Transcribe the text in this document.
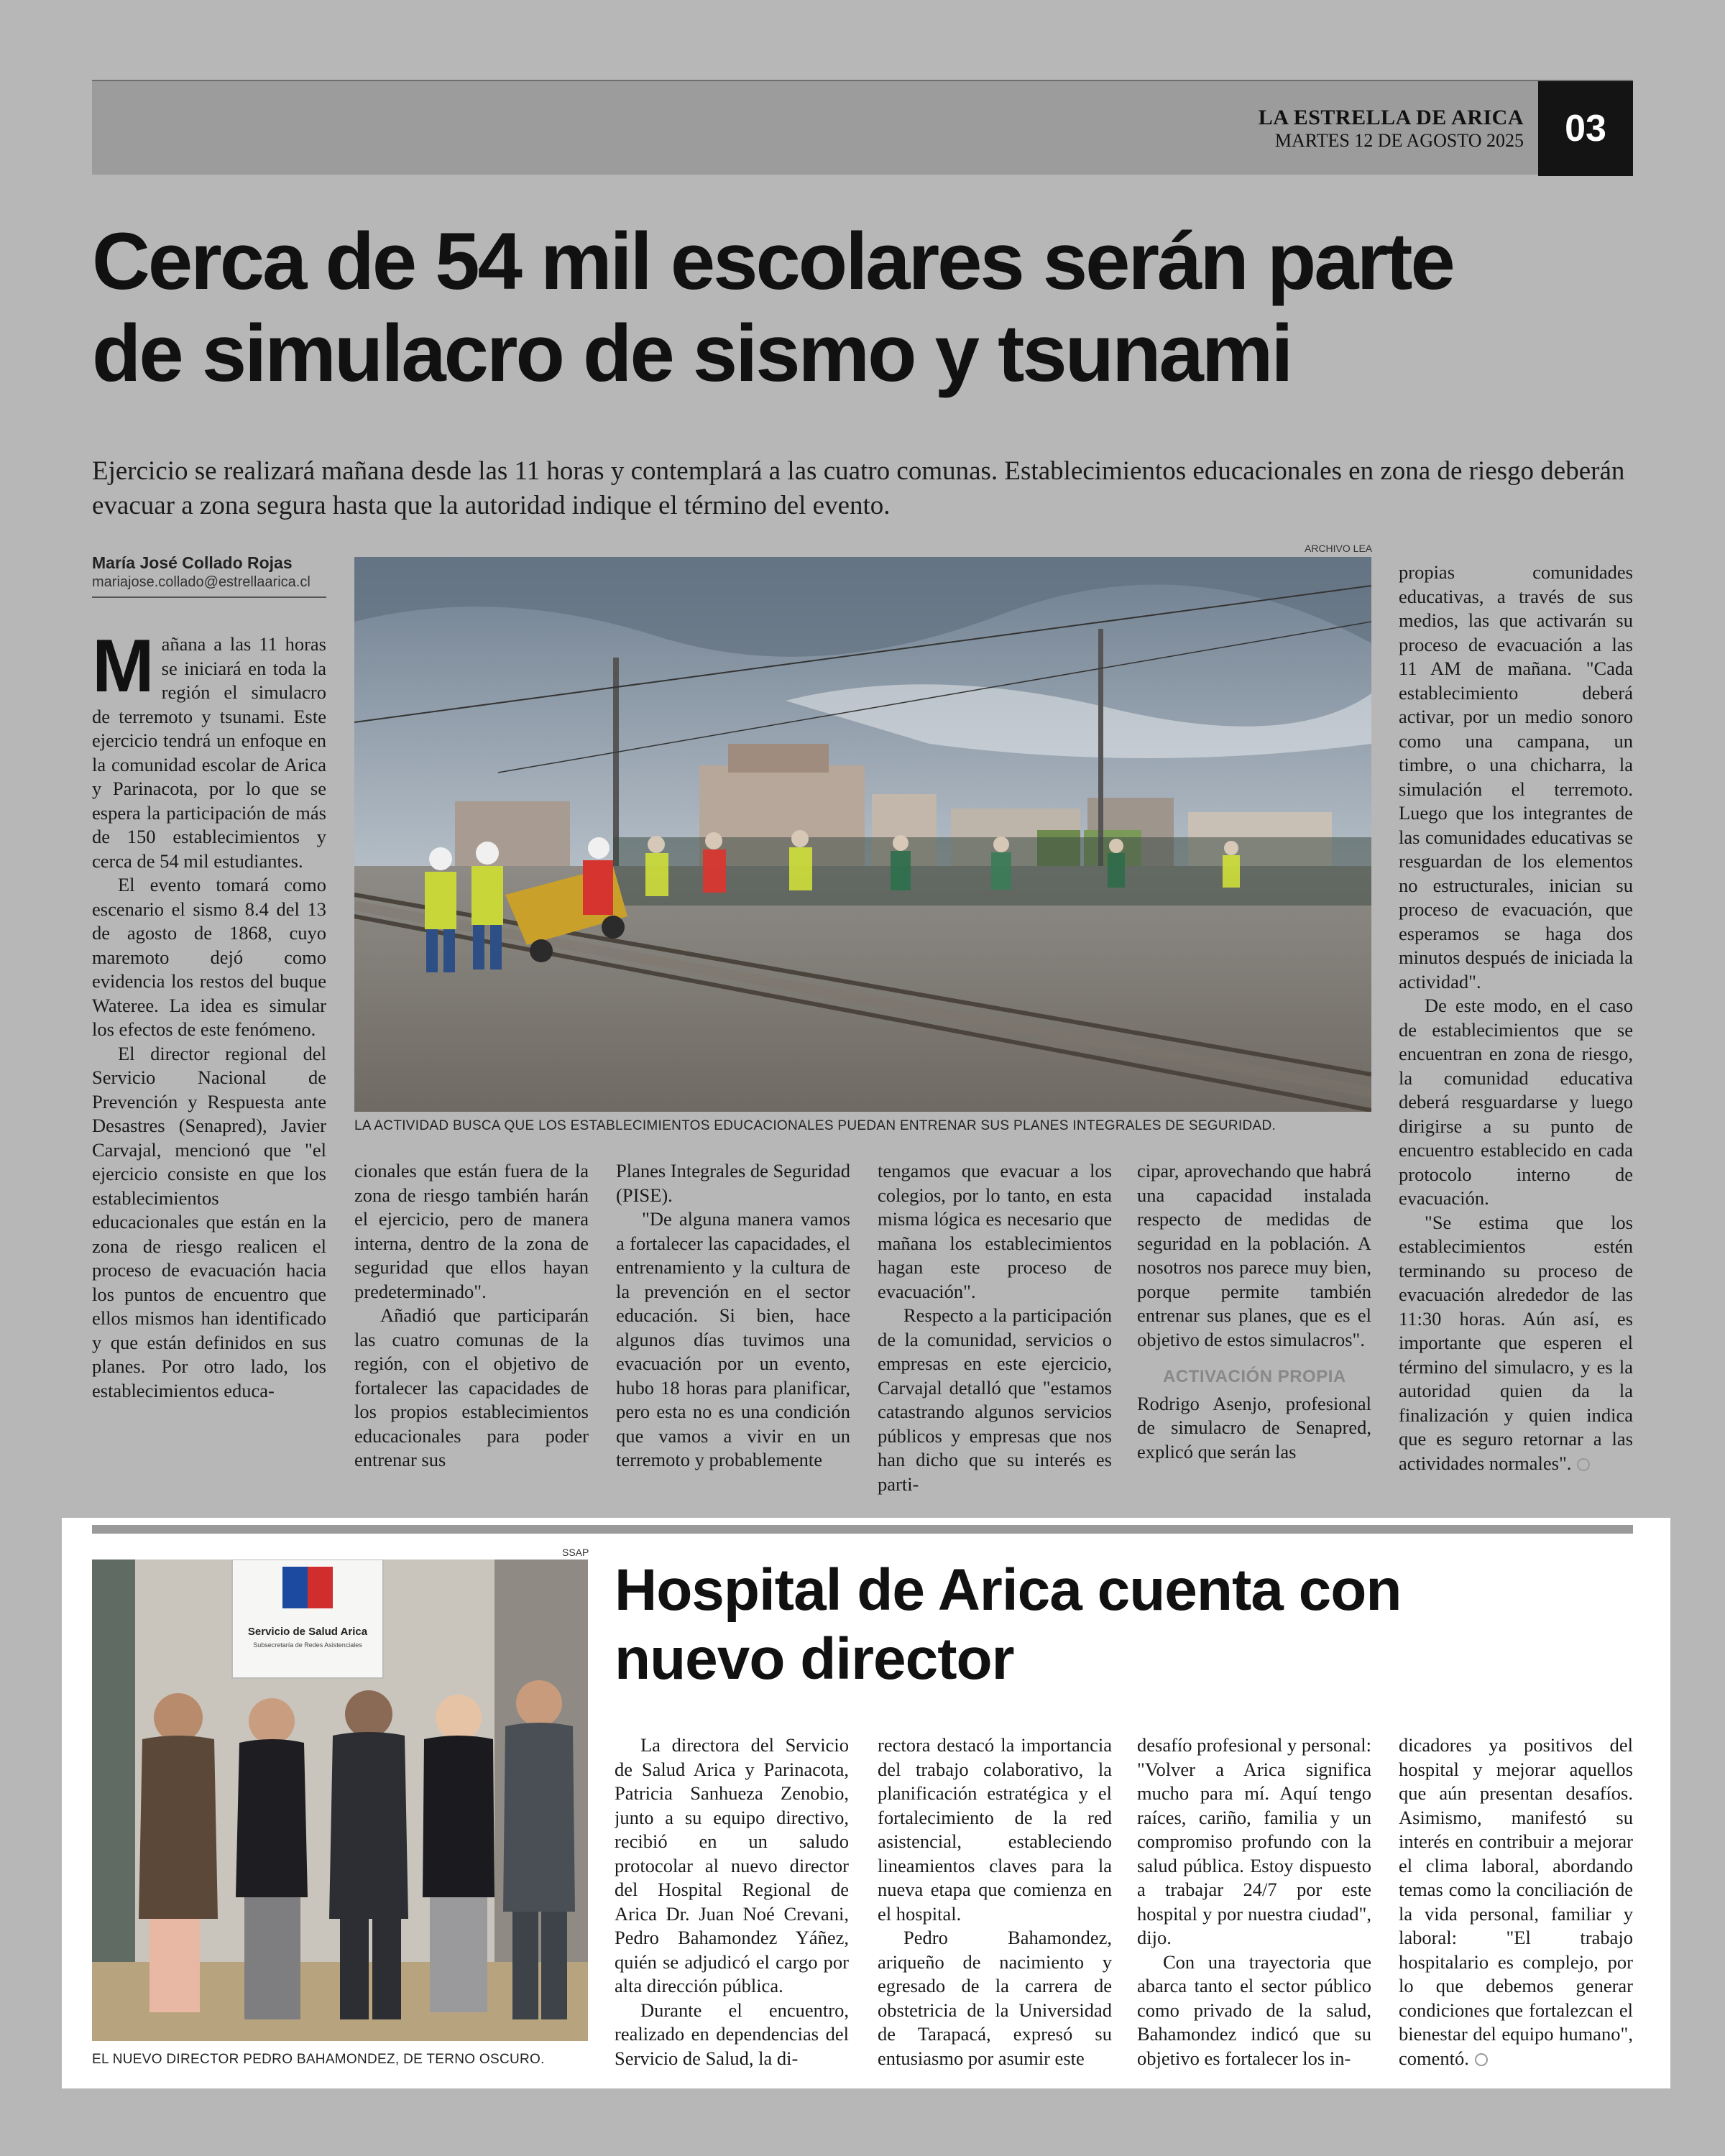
LA ESTRELLA DE ARICA
MARTES 12 DE AGOSTO 2025	03
Cerca de 54 mil escolares serán parte
de simulacro de sismo y tsunami
Ejercicio se realizará mañana desde las 11 horas y contemplará a las cuatro comunas. Establecimientos educacionales en zona de riesgo deberán evacuar a zona segura hasta que la autoridad indique el término del evento.
María José Collado Rojas
mariajose.collado@estrellaarica.cl
ARCHIVO LEA
LA ACTIVIDAD BUSCA QUE LOS ESTABLECIMIENTOS EDUCACIONALES PUEDAN ENTRENAR SUS PLANES INTEGRALES DE SEGURIDAD.

Mañana a las 11 horas se iniciará en toda la región el simulacro de terremoto y tsunami. Este ejercicio tendrá un enfoque en la comunidad escolar de Arica y Parinacota, por lo que se espera la participación de más de 150 establecimientos y cerca de 54 mil estudiantes.

El evento tomará como escenario el sismo 8.4 del 13 de agosto de 1868, cuyo maremoto dejó como evidencia los restos del buque Wateree. La idea es simular los efectos de este fenómeno.

El director regional del Servicio Nacional de Prevención y Respuesta ante Desastres (Senapred), Javier Carvajal, mencionó que "el ejercicio consiste en que los establecimientos educacionales que están en la zona de riesgo realicen el proceso de evacuación hacia los puntos de encuentro que ellos mismos han identificado y que están definidos en sus planes. Por otro lado, los establecimientos educa-

cionales que están fuera de la zona de riesgo también harán el ejercicio, pero de manera interna, dentro de la zona de seguridad que ellos hayan predeterminado".

Añadió que participarán las cuatro comunas de la región, con el objetivo de fortalecer las capacidades de los propios establecimientos educacionales para poder entrenar sus

Planes Integrales de Seguridad (PISE).

"De alguna manera vamos a fortalecer las capacidades, el entrenamiento y la cultura de la prevención en el sector educación. Si bien, hace algunos días tuvimos una evacuación por un evento, hubo 18 horas para planificar, pero esta no es una condición que vamos a vivir en un terremoto y probablemente

tengamos que evacuar a los colegios, por lo tanto, en esta misma lógica es necesario que mañana los establecimientos hagan este proceso de evacuación".

Respecto a la participación de la comunidad, servicios o empresas en este ejercicio, Carvajal detalló que "estamos catastrando algunos servicios públicos y empresas que nos han dicho que su interés es parti-

cipar, aprovechando que habrá una capacidad instalada respecto de medidas de seguridad en la población. A nosotros nos parece muy bien, porque permite también entrenar sus planes, que es el objetivo de estos simulacros".

ACTIVACIÓN PROPIA

Rodrigo Asenjo, profesional de simulacro de Senapred, explicó que serán las

propias comunidades educativas, a través de sus medios, las que activarán su proceso de evacuación a las 11 AM de mañana. "Cada establecimiento deberá activar, por un medio sonoro como una campana, un timbre, o una chicharra, la simulación el terremoto. Luego que los integrantes de las comunidades educativas se resguardan de los elementos no estructurales, inician su proceso de evacuación, que esperamos se haga dos minutos después de iniciada la actividad".

De este modo, en el caso de establecimientos que se encuentran en zona de riesgo, la comunidad educativa deberá resguardarse y luego dirigirse a su punto de encuentro establecido en cada protocolo interno de evacuación.

"Se estima que los establecimientos estén terminando su proceso de evacuación alrededor de las 11:30 horas. Aún así, es importante que esperen el término del simulacro, y es la autoridad quien da la finalización y quien indica que es seguro retornar a las actividades normales".

SSAP
Servicio de Salud Arica
Subsecretaría de Redes Asistenciales
EL NUEVO DIRECTOR PEDRO BAHAMONDEZ, DE TERNO OSCURO.
Hospital de Arica cuenta con
nuevo director

La directora del Servicio de Salud Arica y Parinacota, Patricia Sanhueza Zenobio, junto a su equipo directivo, recibió en un saludo protocolar al nuevo director del Hospital Regional de Arica Dr. Juan Noé Crevani, Pedro Bahamondez Yáñez, quién se adjudicó el cargo por alta dirección pública.

Durante el encuentro, realizado en dependencias del Servicio de Salud, la di-

rectora destacó la importancia del trabajo colaborativo, la planificación estratégica y el fortalecimiento de la red asistencial, estableciendo lineamientos claves para la nueva etapa que comienza en el hospital.

Pedro Bahamondez, ariqueño de nacimiento y egresado de la carrera de obstetricia de la Universidad de Tarapacá, expresó su entusiasmo por asumir este

desafío profesional y personal: "Volver a Arica significa mucho para mí. Aquí tengo raíces, cariño, familia y un compromiso profundo con la salud pública. Estoy dispuesto a trabajar 24/7 por este hospital y por nuestra ciudad", dijo.

Con una trayectoria que abarca tanto el sector público como privado de la salud, Bahamondez indicó que su objetivo es fortalecer los in-

dicadores ya positivos del hospital y mejorar aquellos que aún presentan desafíos. Asimismo, manifestó su interés en contribuir a mejorar el clima laboral, abordando temas como la conciliación de la vida personal, familiar y laboral: "El trabajo hospitalario es complejo, por lo que debemos generar condiciones que fortalezcan el bienestar del equipo humano", comentó.
